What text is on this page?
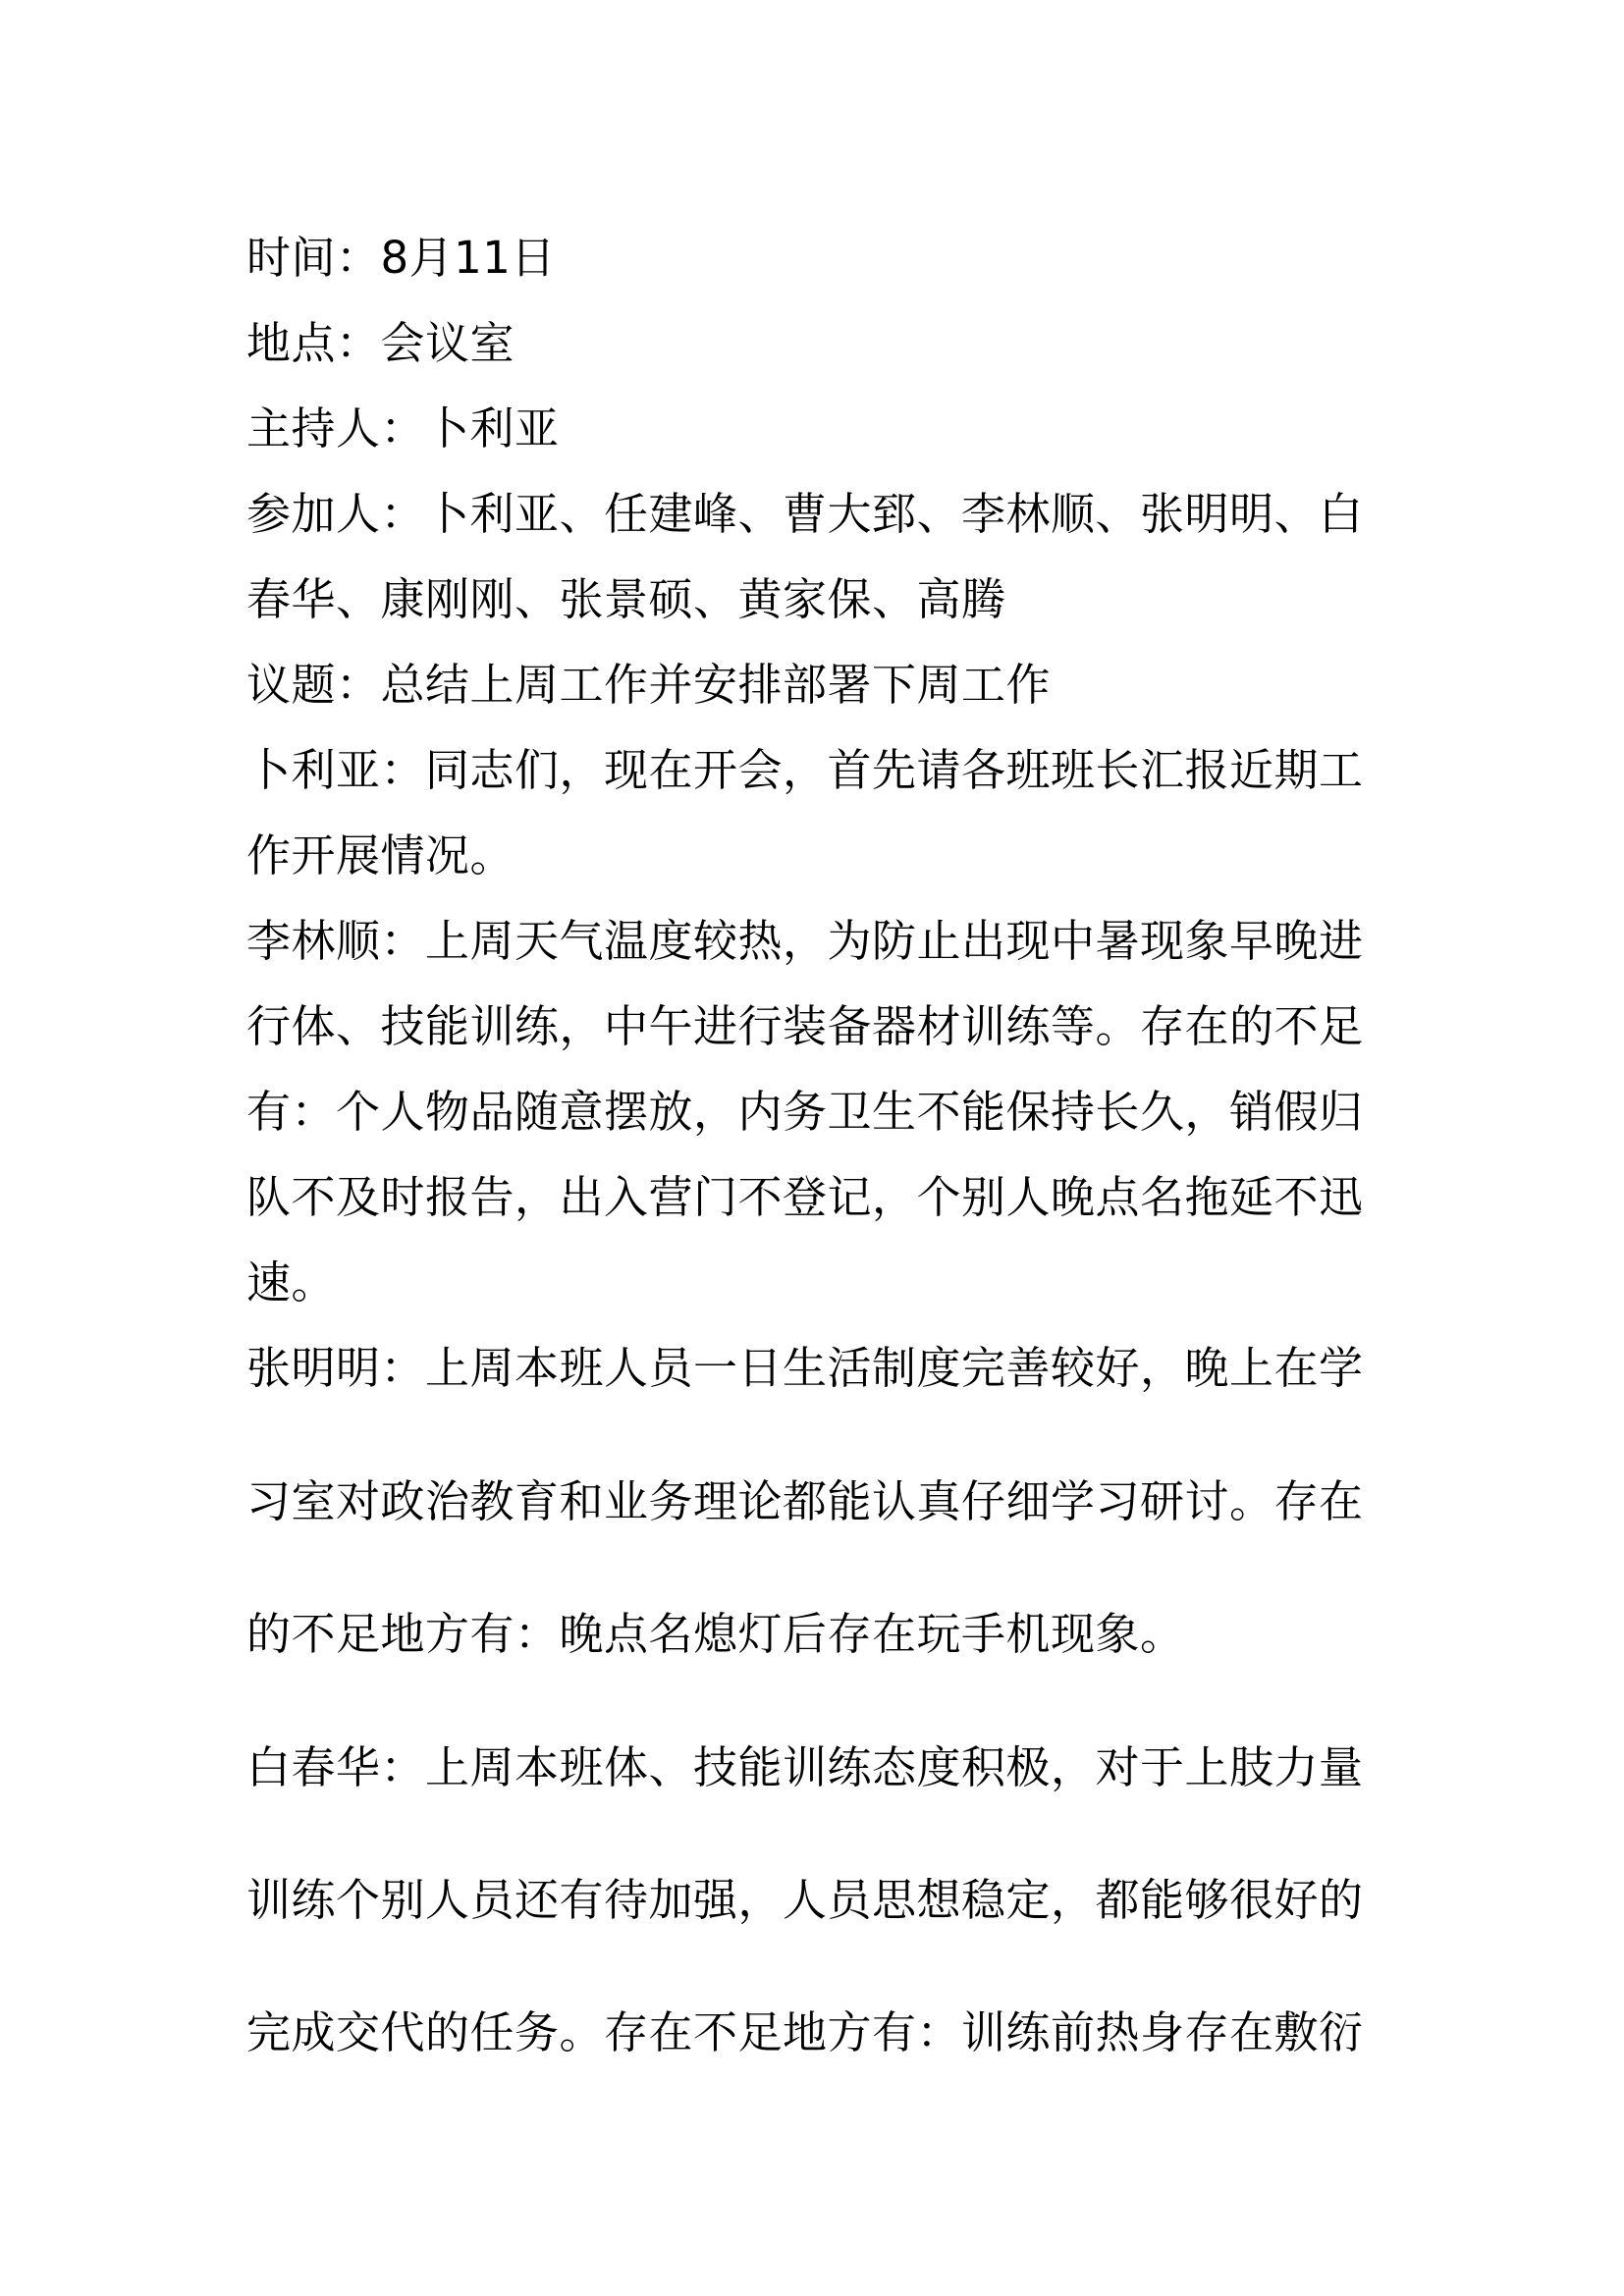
时间：8月11日
地点：会议室
主持人：卜利亚
参加人：卜利亚、任建峰、曹大郅、李林顺、张明明、白
春华、康刚刚、张景硕、黄家保、高腾
议题：总结上周工作并安排部署下周工作
卜利亚：同志们，现在开会，首先请各班班长汇报近期工
作开展情况。
李林顺：上周天气温度较热，为防止出现中暑现象早晚进
行体、技能训练，中午进行装备器材训练等。存在的不足
有：个人物品随意摆放，内务卫生不能保持长久，销假归
队不及时报告，出入营门不登记，个别人晚点名拖延不迅
速。
张明明：上周本班人员一日生活制度完善较好，晚上在学
习室对政治教育和业务理论都能认真仔细学习研讨。存在
的不足地方有：晚点名熄灯后存在玩手机现象。
白春华：上周本班体、技能训练态度积极，对于上肢力量
训练个别人员还有待加强，人员思想稳定，都能够很好的
完成交代的任务。存在不足地方有：训练前热身存在敷衍
